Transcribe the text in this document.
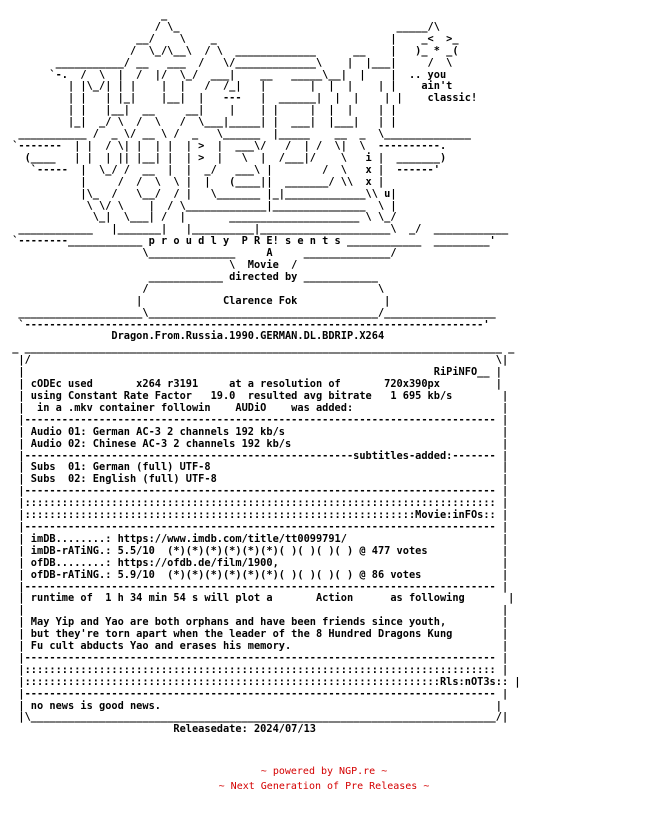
_
/ \_                                   _____/\
__/    \    _                            |    _<  >_
/  \_/\__\  / \  _____________      __    |   )_ * _(
___________/ __   ___  /   \/_____________\    |  |___|     /  \
`-.  /  \  |  /  |/  \_/  ___|    __   _____\__|  |    |  .. you
| |\_/| | |    |  |   /  /_|   |       |  |  |    | |    ain't
| |   | |_|    |__|  |   ---   |  ______|  |  |    | |    classic!
| |   |__|  __     __|    |    | |     |  |  |    | |
|_|  _/ \  /  \   /  \___|_____| |  ___|  |___|   | |
___________ /  _ \/ __ \ /  _   \______  |_____    __  _  \______________
`-------  | |  / \| |  | |  | >  |  ___\/   /  | /  \|  \  ----------.
(____   | |  | || |__| |  | >  |   \  |  /___|/    \   i |  _______)
`-----  |  \_/ /  __  |  |  _/   ___\ |        /  \   x |  ------'
|     /  /  \  \ |  |   (____||  _______/ \\  x |
|\_  /   \__/  / |   \_______ |_|_____________\\ u|
\ \/ \    |  / \_____________|_______________  \ |
\_|  \___| /  |       _____________________ \ \_/
____________   |_______|   |__________|_____________________\  _/  ____________
`--------____________ p r o u d l y  P R E! s e n t s ____________  _________'
\______________     A     ______________/
\  Movie  /
____________ directed by ____________
/                                     \
|             Clarence Fok              |
____________________\_____________________________________/__________________
`--------------------------------------------------------------------------'
Dragon.From.Russia.1990.GERMAN.DL.BDRIP.X264
_ _____________________________________________________________________________ _
|/                                                                           \|
|                                                                  RiPiNFO__ |
| cODEc used       x264 r3191     at a resolution of       720x390px         |
| using Constant Rate Factor   19.0  resulted avg bitrate   1 695 kb/s        |
|  in a .mkv container followin    AUDiO    was added:                        |
|---------------------------------------------------------------------------- |
| Audio 01: German AC-3 2 channels 192 kb/s                                   |
| Audio 02: Chinese AC-3 2 channels 192 kb/s                                  |
|-----------------------------------------------------subtitles-added:------- |
| Subs  01: German (full) UTF-8                                               |
| Subs  02: English (full) UTF-8                                              |
|---------------------------------------------------------------------------- |
|:::::::::::::::::::::::::::::::::::::::::::::::::::::::::::::::::::::::::::: |
|:::::::::::::::::::::::::::::::::::::::::::::::::::::::::::::::Movie:inFOs:: |
|---------------------------------------------------------------------------- |
| imDB........: https://www.imdb.com/title/tt0099791/                         |
| imDB-rATiNG.: 5.5/10  (*)(*)(*)(*)(*)(*)( )( )( )( ) @ 477 votes            |
| ofDB........: https://ofdb.de/film/1900,                                    |
| ofDB-rATiNG.: 5.9/10  (*)(*)(*)(*)(*)(*)( )( )( )( ) @ 86 votes             |
|---------------------------------------------------------------------------- |
| runtime of  1 h 34 min 54 s will plot a       Action      as following       |
|                                                                             |
| May Yip and Yao are both orphans and have been friends since youth,         |
| but they're torn apart when the leader of the 8 Hundred Dragons Kung        |
| Fu cult abducts Yao and erases his memory.                                  |
|---------------------------------------------------------------------------- |
|:::::::::::::::::::::::::::::::::::::::::::::::::::::::::::::::::::::::::::: |
|:::::::::::::::::::::::::::::::::::::::::::::::::::::::::::::::::::Rls:nOT3s:: |
|---------------------------------------------------------------------------- |
| no news is good news.                                                      |
|\___________________________________________________________________________/|
Releasedate: 2024/07/13
~ powered by NGP.re ~
~ Next Generation of Pre Releases ~
